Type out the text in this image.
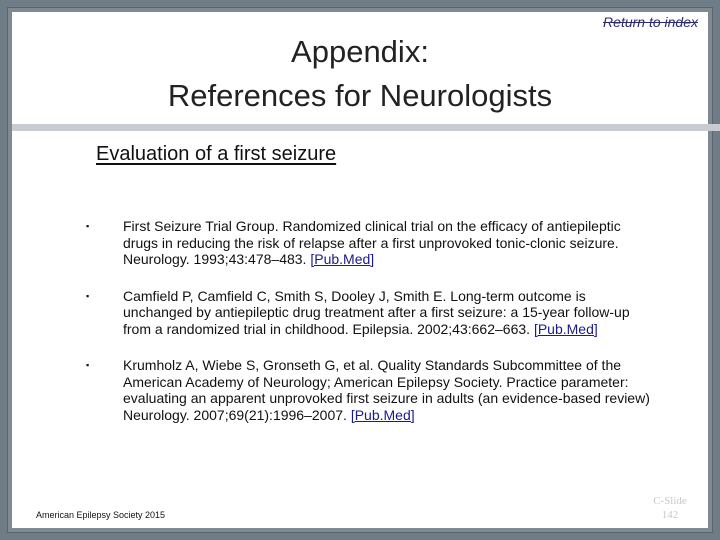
Return to index
Appendix:
References for Neurologists
Evaluation of a first seizure
▪ First Seizure Trial Group. Randomized clinical trial on the efficacy of antiepileptic drugs in reducing the risk of relapse after a first unprovoked tonic-clonic seizure. Neurology. 1993;43:478–483. [Pub.Med]
▪ Camfield P, Camfield C, Smith S, Dooley J, Smith E. Long-term outcome is unchanged by antiepileptic drug treatment after a first seizure: a 15-year follow-up from a randomized trial in childhood. Epilepsia. 2002;43:662–663. [Pub.Med]
▪ Krumholz A, Wiebe S, Gronseth G, et al. Quality Standards Subcommittee of the American Academy of Neurology; American Epilepsy Society. Practice parameter: evaluating an apparent unprovoked first seizure in adults (an evidence-based review) Neurology. 2007;69(21):1996–2007. [Pub.Med]
American Epilepsy Society 2015
C-Slide
142
